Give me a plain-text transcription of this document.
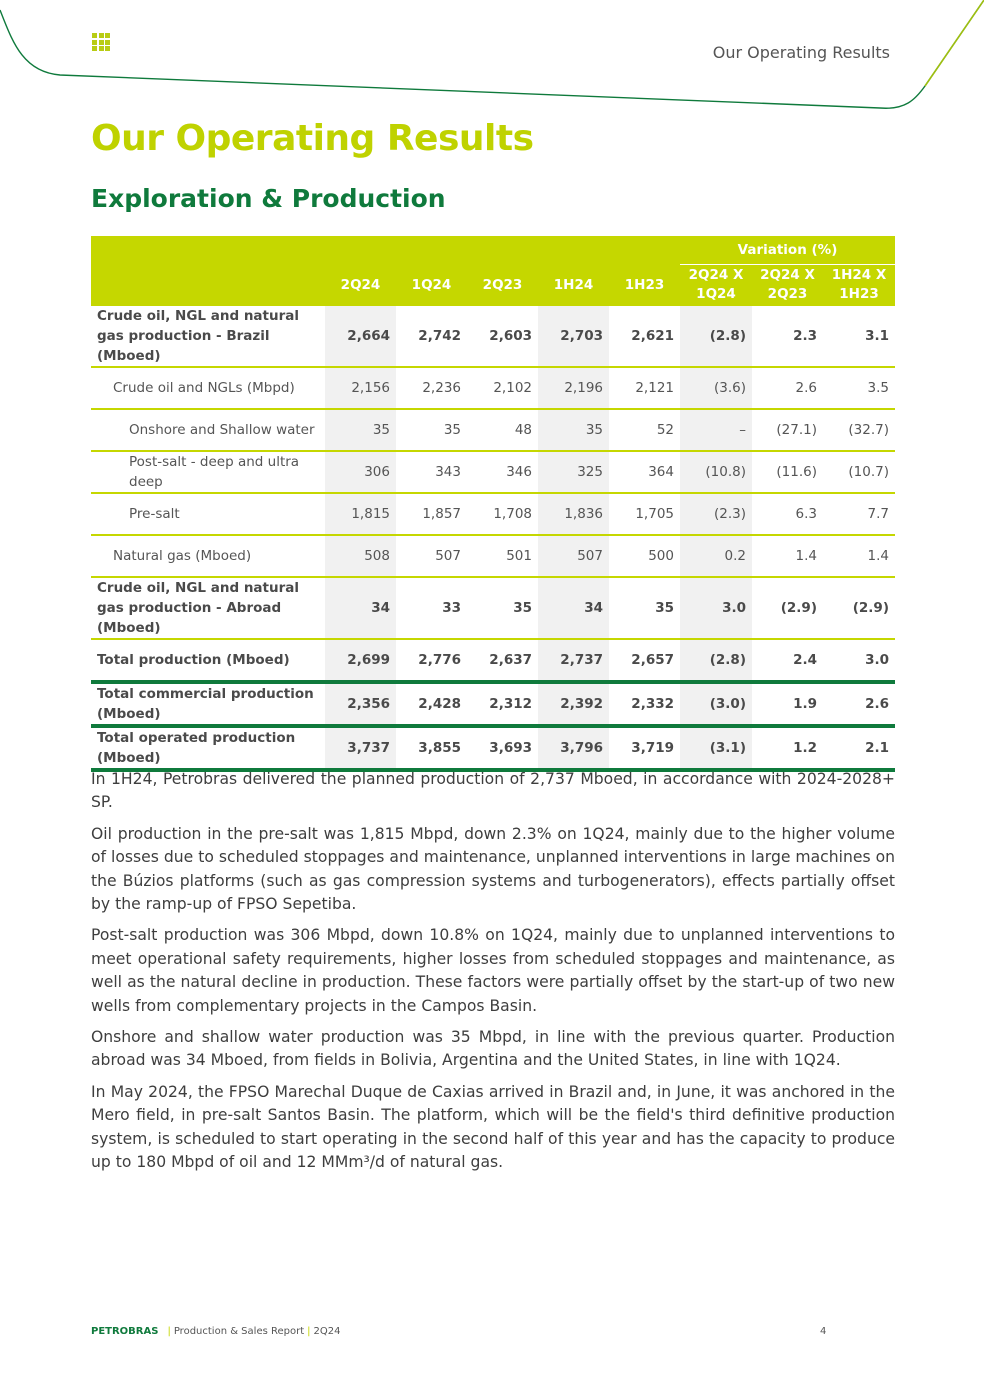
Our Operating Results
Our Operating Results
Exploration & Production
						Variation (%)		
	2Q24	1Q24	2Q23	1H24	1H23	2Q24 X 1Q24	2Q24 X 2Q23	1H24 X 1H23
Crude oil, NGL and natural gas production - Brazil (Mboed)	2,664	2,742	2,603	2,703	2,621	(2.8)	2.3	3.1
Crude oil and NGLs (Mbpd)	2,156	2,236	2,102	2,196	2,121	(3.6)	2.6	3.5
Onshore and Shallow water	35	35	48	35	52	–	(27.1)	(32.7)
Post-salt - deep and ultra deep	306	343	346	325	364	(10.8)	(11.6)	(10.7)
Pre-salt	1,815	1,857	1,708	1,836	1,705	(2.3)	6.3	7.7
Natural gas (Mboed)	508	507	501	507	500	0.2	1.4	1.4
Crude oil, NGL and natural gas production - Abroad (Mboed)	34	33	35	34	35	3.0	(2.9)	(2.9)
Total production (Mboed)	2,699	2,776	2,637	2,737	2,657	(2.8)	2.4	3.0
Total commercial production (Mboed)	2,356	2,428	2,312	2,392	2,332	(3.0)	1.9	2.6
Total operated production (Mboed)	3,737	3,855	3,693	3,796	3,719	(3.1)	1.2	2.1

In 1H24, Petrobras delivered the planned production of 2,737 Mboed, in accordance with 2024-2028+ SP.

Oil production in the pre-salt was 1,815 Mbpd, down 2.3% on 1Q24, mainly due to the higher volume of losses due to scheduled stoppages and maintenance, unplanned interventions in large machines on the Búzios platforms (such as gas compression systems and turbogenerators), effects partially offset by the ramp-up of FPSO Sepetiba.

Post-salt production was 306 Mbpd, down 10.8% on 1Q24, mainly due to unplanned interventions to meet operational safety requirements, higher losses from scheduled stoppages and maintenance, as well as the natural decline in production. These factors were partially offset by the start-up of two new wells from complementary projects in the Campos Basin.

Onshore and shallow water production was 35 Mbpd, in line with the previous quarter. Production abroad was 34 Mboed, from fields in Bolivia, Argentina and the United States, in line with 1Q24.

In May 2024, the FPSO Marechal Duque de Caxias arrived in Brazil and, in June, it was anchored in the Mero field, in pre-salt Santos Basin. The platform, which will be the field's third definitive production system, is scheduled to start operating in the second half of this year and has the capacity to produce up to 180 Mbpd of oil and 12 MMm³/d of natural gas.

PETROBRAS | Production & Sales Report | 2Q24	4
